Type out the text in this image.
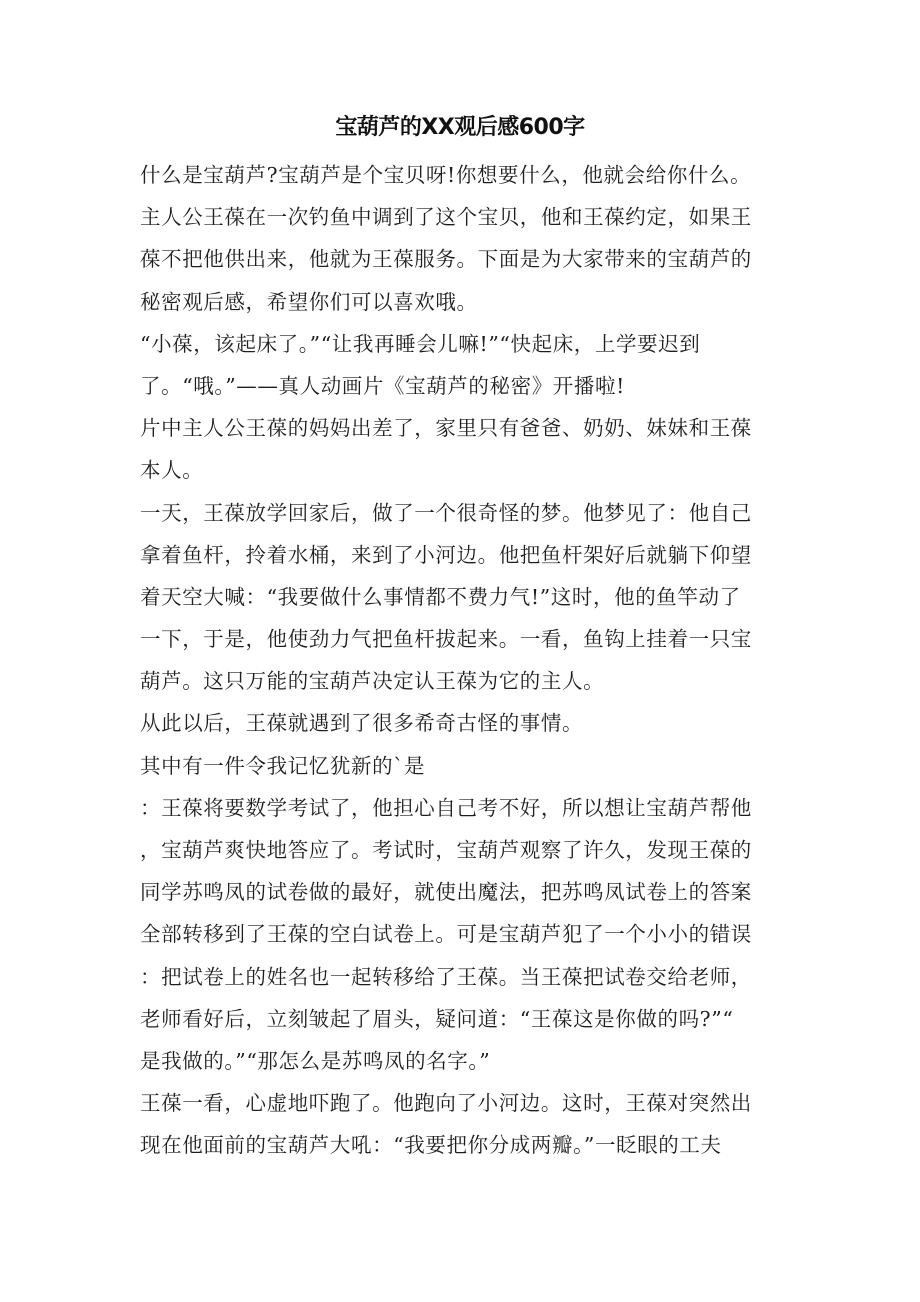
宝葫芦的XX观后感600字
什么是宝葫芦?宝葫芦是个宝贝呀!你想要什么，他就会给你什么。
主人公王葆在一次钓鱼中调到了这个宝贝，他和王葆约定，如果王
葆不把他供出来，他就为王葆服务。下面是为大家带来的宝葫芦的
秘密观后感，希望你们可以喜欢哦。
“小葆，该起床了。”“让我再睡会儿嘛!”“快起床，上学要迟到
了。“哦。”——真人动画片《宝葫芦的秘密》开播啦!
片中主人公王葆的妈妈出差了，家里只有爸爸、奶奶、妹妹和王葆
本人。
一天，王葆放学回家后，做了一个很奇怪的梦。他梦见了：他自己
拿着鱼杆，拎着水桶，来到了小河边。他把鱼杆架好后就躺下仰望
着天空大喊：“我要做什么事情都不费力气!”这时，他的鱼竿动了
一下，于是，他使劲力气把鱼杆拔起来。一看，鱼钩上挂着一只宝
葫芦。这只万能的宝葫芦决定认王葆为它的主人。
从此以后，王葆就遇到了很多希奇古怪的事情。
其中有一件令我记忆犹新的`是
：王葆将要数学考试了，他担心自己考不好，所以想让宝葫芦帮他
，宝葫芦爽快地答应了。考试时，宝葫芦观察了许久，发现王葆的
同学苏鸣凤的试卷做的最好，就使出魔法，把苏鸣凤试卷上的答案
全部转移到了王葆的空白试卷上。可是宝葫芦犯了一个小小的错误
：把试卷上的姓名也一起转移给了王葆。当王葆把试卷交给老师，
老师看好后，立刻皱起了眉头，疑问道：“王葆这是你做的吗?”“
是我做的。”“那怎么是苏鸣凤的名字。”
王葆一看，心虚地吓跑了。他跑向了小河边。这时，王葆对突然出
现在他面前的宝葫芦大吼：“我要把你分成两瓣。”一眨眼的工夫
